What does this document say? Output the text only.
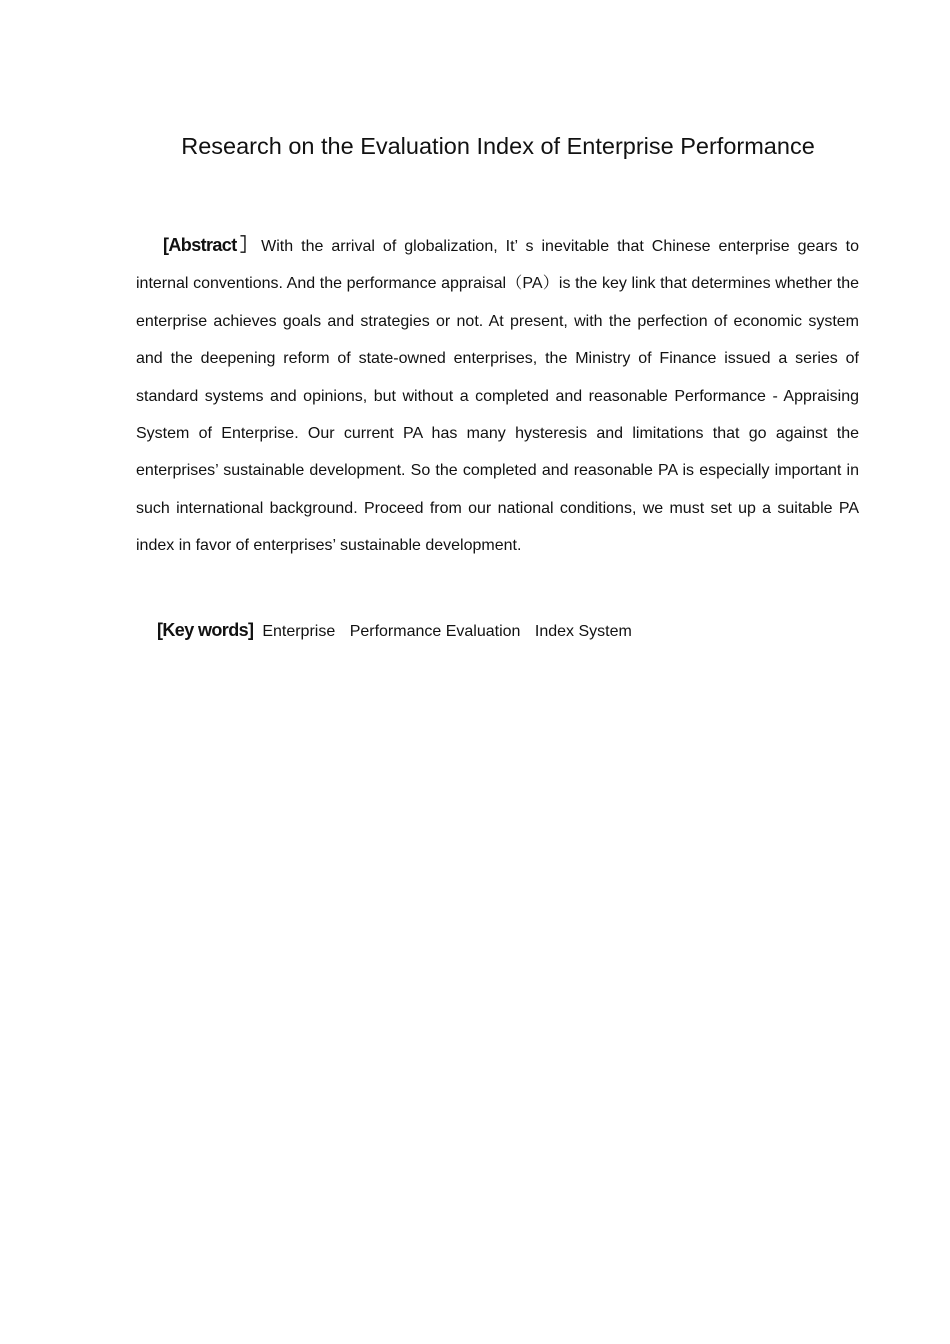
Research on the Evaluation Index of Enterprise Performance

[Abstract］With the arrival of globalization, It’ s inevitable that Chinese enterprise gears to internal conventions. And the performance appraisal（PA）is the key link that determines whether the enterprise achieves goals and strategies or not. At present, with the perfection of economic system and the deepening reform of state-owned enterprises, the Ministry of Finance issued a series of standard systems and opinions, but without a completed and reasonable Performance - Appraising System of Enterprise. Our current PA has many hysteresis and limitations that go against the enterprises’ sustainable development. So the completed and reasonable PA is especially important in such international background. Proceed from our national conditions, we must set up a suitable PA index in favor of enterprises’ sustainable development.

[Key words] Enterprise Performance Evaluation Index System
